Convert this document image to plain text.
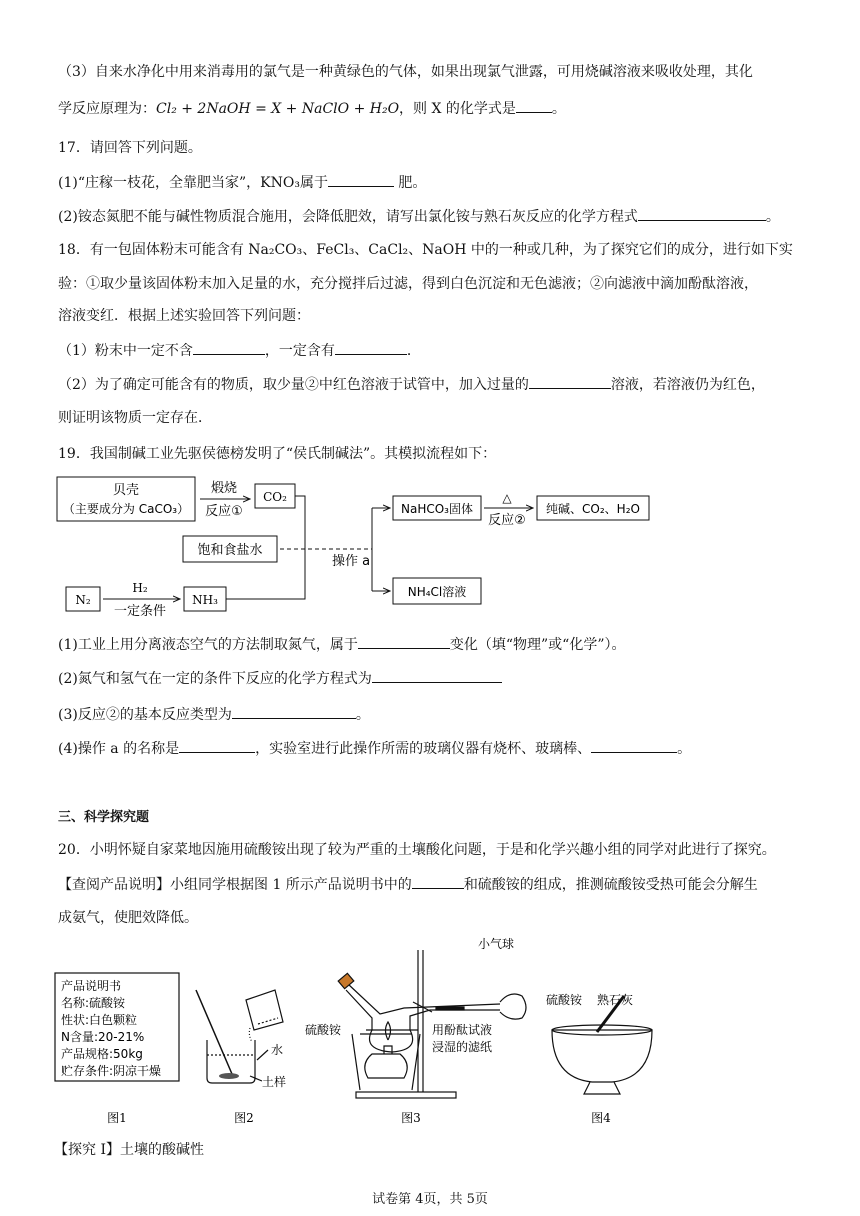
（3）自来水净化中用来消毒用的氯气是一种黄绿色的气体，如果出现氯气泄露，可用烧碱溶液来吸收处理，其化
学反应原理为：Cl₂ + 2NaOH = X + NaClO + H₂O，则 X 的化学式是	。
17．请回答下列问题。
(1)“庄稼一枝花，全靠肥当家”，KNO₃属于	肥。
(2)铵态氮肥不能与碱性物质混合施用，会降低肥效，请写出氯化铵与熟石灰反应的化学方程式	。
18．有一包固体粉末可能含有 Na₂CO₃、FeCl₃、CaCl₂、NaOH 中的一种或几种，为了探究它们的成分，进行如下实
验：①取少量该固体粉末加入足量的水，充分搅拌后过滤，得到白色沉淀和无色滤液；②向滤液中滴加酚酞溶液，
溶液变红．根据上述实验回答下列问题：
（1）粉末中一定不含	，一定含有	．
（2）为了确定可能含有的物质，取少量②中红色溶液于试管中，加入过量的	溶液，若溶液仍为红色，
则证明该物质一定存在．
19．我国制碱工业先驱侯德榜发明了“侯氏制碱法”。其模拟流程如下：
贝壳
（主要成分为 CaCO₃）
煅烧
反应①
CO₂
饱和食盐水
操作 a
NaHCO₃固体
△
反应②
纯碱、CO₂、H₂O
N₂
H₂
一定条件
NH₃
NH₄Cl溶液
(1)工业上用分离液态空气的方法制取氮气，属于	变化（填“物理”或“化学”）。
(2)氮气和氢气在一定的条件下反应的化学方程式为
(3)反应②的基本反应类型为	。
(4)操作 a 的名称是	，实验室进行此操作所需的玻璃仪器有烧杯、玻璃棒、	。
三、科学探究题
20．小明怀疑自家菜地因施用硫酸铵出现了较为严重的土壤酸化问题，于是和化学兴趣小组的同学对此进行了探究。
【查阅产品说明】小组同学根据图 1 所示产品说明书中的	和硫酸铵的组成，推测硫酸铵受热可能会分解生
成氨气，使肥效降低。
产品说明书
名称:硫酸铵
性状:白色颗粒
N含量:20-21%
产品规格:50kg
贮存条件:阴凉干燥
图1
水
土样
图2
小气球
硫酸铵	用酚酞试液
浸湿的滤纸
图3
硫酸铵 熟石灰
图4
【探究 I】土壤的酸碱性
试卷第 4页，共 5页
